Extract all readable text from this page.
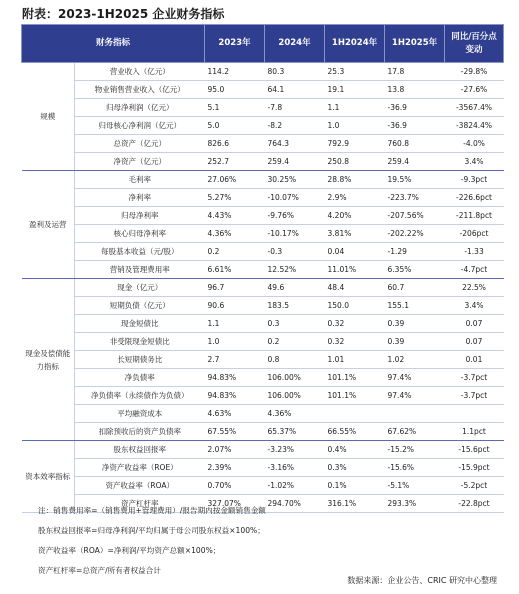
附表：2023-1H2025 企业财务指标
财务指标		2023年	2024年	1H2024年	1H2025年	同比/百分点
变动
规模	营业收入（亿元）	114.2	80.3	25.3	17.8	-29.8%
	物业销售营业收入（亿元）	95.0	64.1	19.1	13.8	-27.6%
	归母净利润（亿元）	5.1	-7.8	1.1	-36.9	-3567.4%
	归母核心净利润（亿元）	5.0	-8.2	1.0	-36.9	-3824.4%
	总资产（亿元）	826.6	764.3	792.9	760.8	-4.0%
	净资产（亿元）	252.7	259.4	250.8	259.4	3.4%
盈利及运营	毛利率	27.06%	30.25%	28.8%	19.5%	-9.3pct
	净利率	5.27%	-10.07%	2.9%	-223.7%	-226.6pct
	归母净利率	4.43%	-9.76%	4.20%	-207.56%	-211.8pct
	核心归母净利率	4.36%	-10.17%	3.81%	-202.22%	-206pct
	每股基本收益（元/股）	0.2	-0.3	0.04	-1.29	-1.33
	营销及管理费用率	6.61%	12.52%	11.01%	6.35%	-4.7pct
现金及偿债能力指标	现金（亿元）	96.7	49.6	48.4	60.7	22.5%
	短期负债（亿元）	90.6	183.5	150.0	155.1	3.4%
	现金短债比	1.1	0.3	0.32	0.39	0.07
	非受限现金短债比	1.0	0.2	0.32	0.39	0.07
	长短期债务比	2.7	0.8	1.01	1.02	0.01
	净负债率	94.83%	106.00%	101.1%	97.4%	-3.7pct
	净负债率（永续债作为负债）	94.83%	106.00%	101.1%	97.4%	-3.7pct
	平均融资成本	4.63%	4.36%			
	扣除预收后的资产负债率	67.55%	65.37%	66.55%	67.62%	1.1pct
资本效率指标	股东权益回报率	2.07%	-3.23%	0.4%	-15.2%	-15.6pct
	净资产收益率（ROE）	2.39%	-3.16%	0.3%	-15.6%	-15.9pct
	资产收益率（ROA）	0.70%	-1.02%	0.1%	-5.1%	-5.2pct
	资产杠杆率	327.07%	294.70%	316.1%	293.3%	-22.8pct
注：销售费用率=（销售费用+管理费用）/报告期内按金额销售金额
股东权益回报率=归母净利润/平均归属于母公司股东权益×100%；
资产收益率（ROA）=净利润/平均资产总额×100%；
资产杠杆率=总资产/所有者权益合计
数据来源：企业公告、CRIC 研究中心整理
